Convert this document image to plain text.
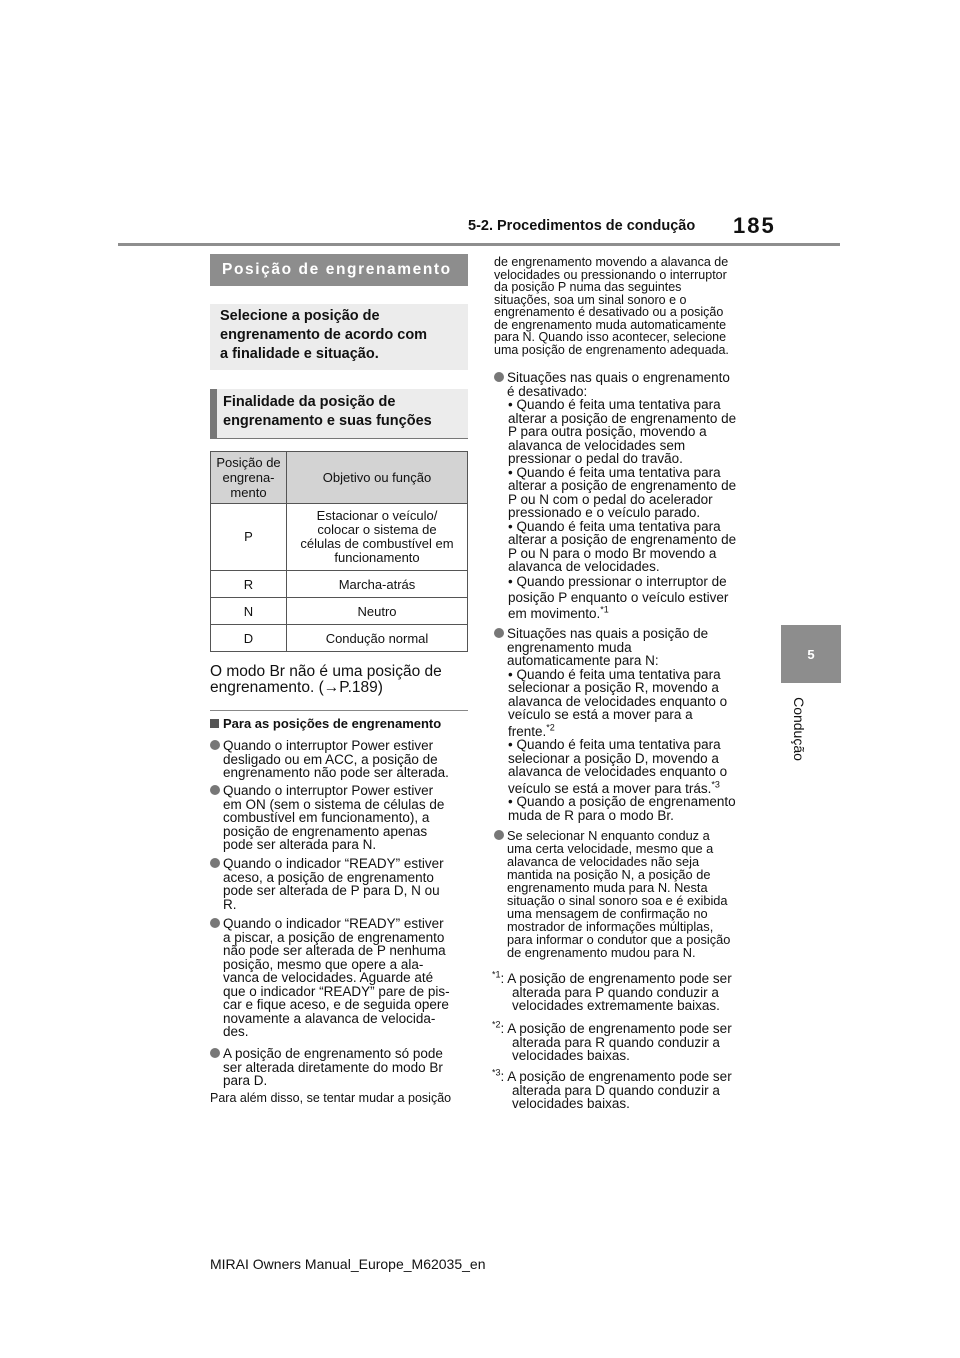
5-2. Procedimentos de condução 185
5
Condução
Posição de engrenamento
Selecione a posição de
engrenamento de acordo com
a finalidade e situação.
Finalidade da posição de
engrenamento e suas funções
Posição de
engrena-
mento	Objetivo ou função
P	Estacionar o veículo/
colocar o sistema de
células de combustível em
funcionamento

R	Marcha-atrás
N	Neutro
D	Condução normal
O modo Br não é uma posição de
engrenamento. (→P.189)
Para as posições de engrenamento
Quando o interruptor Power estiver
desligado ou em ACC, a posição de
engrenamento não pode ser alterada.
Quando o interruptor Power estiver
em ON (sem o sistema de células de
combustível em funcionamento), a
posição de engrenamento apenas
pode ser alterada para N.
Quando o indicador “READY” estiver
aceso, a posição de engrenamento
pode ser alterada de P para D, N ou
R.
Quando o indicador “READY” estiver
a piscar, a posição de engrenamento
não pode ser alterada de P nenhuma
posição, mesmo que opere a ala-
vanca de velocidades. Aguarde até
que o indicador “READY” pare de pis-
car e fique aceso, e de seguida opere
novamente a alavanca de velocida-
des.
A posição de engrenamento só pode
ser alterada diretamente do modo Br
para D.
Para além disso, se tentar mudar a posição
de engrenamento movendo a alavanca de
velocidades ou pressionando o interruptor
da posição P numa das seguintes
situações, soa um sinal sonoro e o
engrenamento é desativado ou a posição
de engrenamento muda automaticamente
para N. Quando isso acontecer, selecione
uma posição de engrenamento adequada.
Situações nas quais o engrenamento
é desativado:
• Quando é feita uma tentativa para
alterar a posição de engrenamento de
P para outra posição, movendo a
alavanca de velocidades sem
pressionar o pedal do travão.
• Quando é feita uma tentativa para
alterar a posição de engrenamento de
P ou N com o pedal do acelerador
pressionado e o veículo parado.
• Quando é feita uma tentativa para
alterar a posição de engrenamento de
P ou N para o modo Br movendo a
alavanca de velocidades.
• Quando pressionar o interruptor de
posição P enquanto o veículo estiver
em movimento.$^{*1}$
Situações nas quais a posição de
engrenamento muda
automaticamente para N:
• Quando é feita uma tentativa para
selecionar a posição R, movendo a
alavanca de velocidades enquanto o
veículo se está a mover para a
frente.$^{*2}$
• Quando é feita uma tentativa para
selecionar a posição D, movendo a
alavanca de velocidades enquanto o
veículo se está a mover para trás.$^{*3}$
• Quando a posição de engrenamento
muda de R para o modo Br.
Se selecionar N enquanto conduz a
uma certa velocidade, mesmo que a
alavanca de velocidades não seja
mantida na posição N, a posição de
engrenamento muda para N. Nesta
situação o sinal sonoro soa e é exibida
uma mensagem de confirmação no
mostrador de informações múltiplas,
para informar o condutor que a posição
de engrenamento mudou para N.
$^{*1}$: A posição de engrenamento pode ser
alterada para P quando conduzir a
velocidades extremamente baixas.
$^{*2}$: A posição de engrenamento pode ser
alterada para R quando conduzir a
velocidades baixas.
$^{*3}$: A posição de engrenamento pode ser
alterada para D quando conduzir a
velocidades baixas.
MIRAI Owners Manual_Europe_M62035_en
